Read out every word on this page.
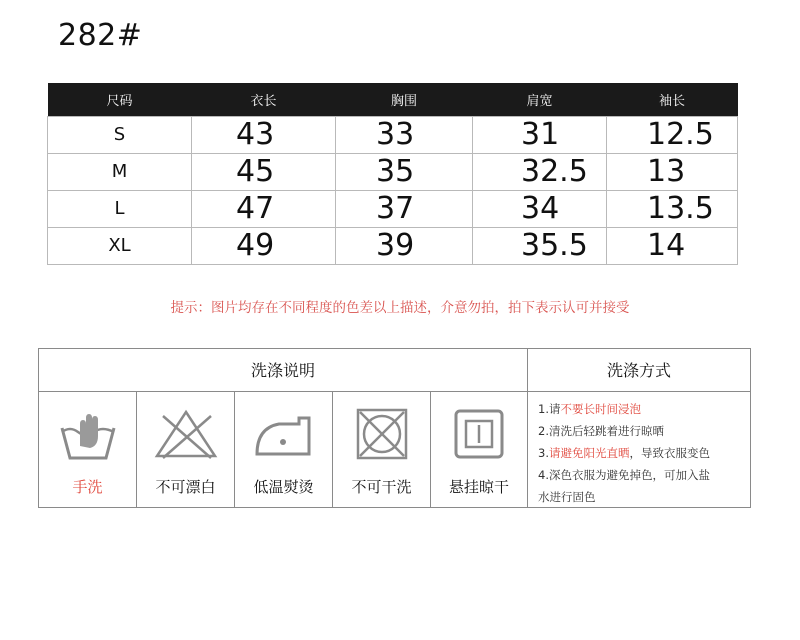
282#
尺码	衣长	胸围	肩宽	袖长
S	43	33	31	12.5
M	45	35	32.5	13
L	47	37	34	13.5
XL	49	39	35.5	14
提示：图片均存在不同程度的色差以上描述，介意勿拍，拍下表示认可并接受
洗涤说明	洗涤方式
手洗	不可漂白	低温熨烫	不可干洗	悬挂晾干
1.请不要长时间浸泡
2.清洗后轻跳着进行晾晒
3.请避免阳光直晒，导致衣服变色
4.深色衣服为避免掉色，可加入盐
水进行固色
